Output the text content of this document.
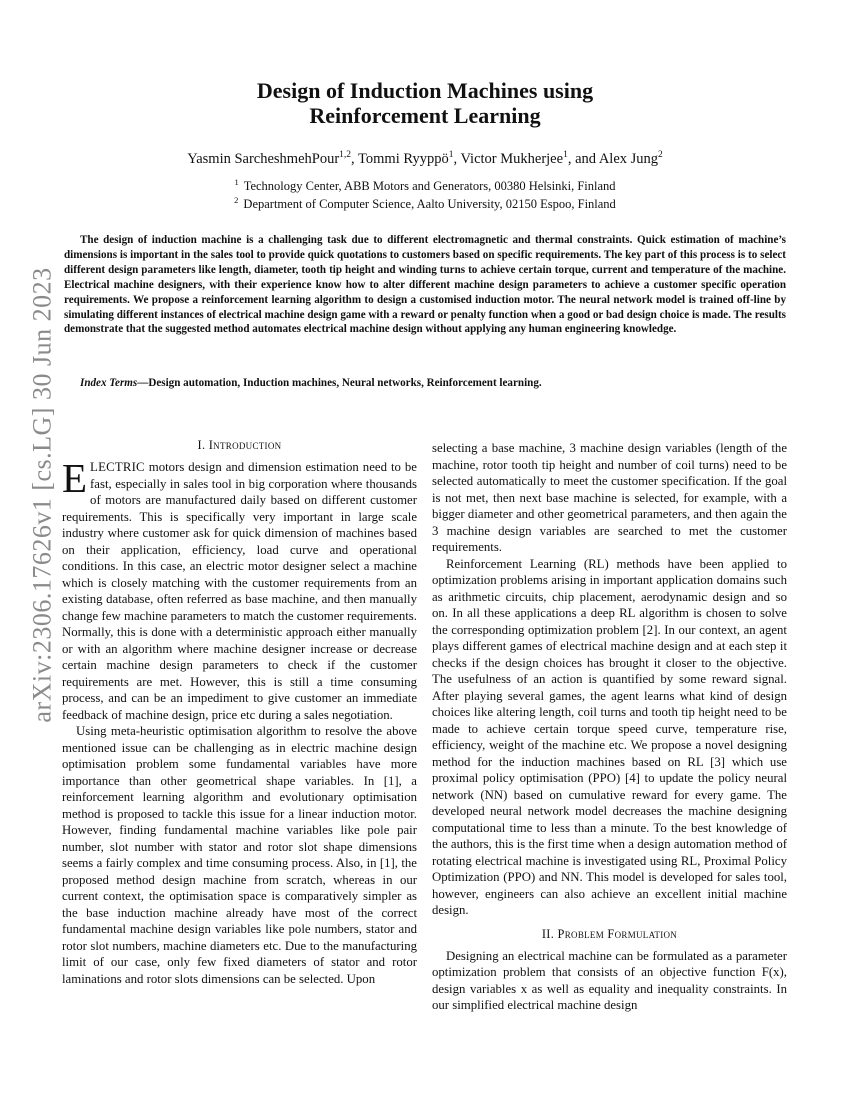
arXiv:2306.17626v1 [cs.LG] 30 Jun 2023
Design of Induction Machines using
Reinforcement Learning
Yasmin SarcheshmehPour$^{1,2}$, Tommi Ryyppö$^1$, Victor Mukherjee$^1$, and Alex Jung$^2$
$^1$ Technology Center, ABB Motors and Generators, 00380 Helsinki, Finland
$^2$ Department of Computer Science, Aalto University, 02150 Espoo, Finland

The design of induction machine is a challenging task due to different electromagnetic and thermal constraints. Quick estimation of machine’s dimensions is important in the sales tool to provide quick quotations to customers based on specific requirements. The key part of this process is to select different design parameters like length, diameter, tooth tip height and winding turns to achieve certain torque, current and temperature of the machine. Electrical machine designers, with their experience know how to alter different machine design parameters to achieve a customer specific operation requirements. We propose a reinforcement learning algorithm to design a customised induction motor. The neural network model is trained off-line by simulating different instances of electrical machine design game with a reward or penalty function when a good or bad design choice is made. The results demonstrate that the suggested method automates electrical machine design without applying any human engineering knowledge.

Index Terms—Design automation, Induction machines, Neural networks, Reinforcement learning.

I. Introduction

ELECTRIC motors design and dimension estimation need to be fast, especially in sales tool in big corporation where thousands of motors are manufactured daily based on different customer requirements. This is specifically very important in large scale industry where customer ask for quick dimension of machines based on their application, efficiency, load curve and operational conditions. In this case, an electric motor designer select a machine which is closely matching with the customer requirements from an existing database, often referred as base machine, and then manually change few machine parameters to match the customer requirements. Normally, this is done with a deterministic approach either manually or with an algorithm where machine designer increase or decrease certain machine design parameters to check if the customer requirements are met. However, this is still a time consuming process, and can be an impediment to give customer an immediate feedback of machine design, price etc during a sales negotiation.

Using meta-heuristic optimisation algorithm to resolve the above mentioned issue can be challenging as in electric machine design optimisation problem some fundamental variables have more importance than other geometrical shape variables. In [1], a reinforcement learning algorithm and evolutionary optimisation method is proposed to tackle this issue for a linear induction motor. However, finding fundamental machine variables like pole pair number, slot number with stator and rotor slot shape dimensions seems a fairly complex and time consuming process. Also, in [1], the proposed method design machine from scratch, whereas in our current context, the optimisation space is comparatively simpler as the base induction machine already have most of the correct fundamental machine design variables like pole numbers, stator and rotor slot numbers, machine diameters etc. Due to the manufacturing limit of our case, only few fixed diameters of stator and rotor laminations and rotor slots dimensions can be selected. Upon

selecting a base machine, 3 machine design variables (length of the machine, rotor tooth tip height and number of coil turns) need to be selected automatically to meet the customer specification. If the goal is not met, then next base machine is selected, for example, with a bigger diameter and other geometrical parameters, and then again the 3 machine design variables are searched to met the customer requirements.

Reinforcement Learning (RL) methods have been applied to optimization problems arising in important application domains such as arithmetic circuits, chip placement, aerodynamic design and so on. In all these applications a deep RL algorithm is chosen to solve the corresponding optimization problem [2]. In our context, an agent plays different games of electrical machine design and at each step it checks if the design choices has brought it closer to the objective. The usefulness of an action is quantified by some reward signal. After playing several games, the agent learns what kind of design choices like altering length, coil turns and tooth tip height need to be made to achieve certain torque speed curve, temperature rise, efficiency, weight of the machine etc. We propose a novel designing method for the induction machines based on RL [3] which use proximal policy optimisation (PPO) [4] to update the policy neural network (NN) based on cumulative reward for every game. The developed neural network model decreases the machine designing computational time to less than a minute. To the best knowledge of the authors, this is the first time when a design automation method of rotating electrical machine is investigated using RL, Proximal Policy Optimization (PPO) and NN. This model is developed for sales tool, however, engineers can also achieve an excellent initial machine design.

II. Problem Formulation

Designing an electrical machine can be formulated as a parameter optimization problem that consists of an objective function F(x), design variables x as well as equality and inequality constraints. In our simplified electrical machine design
